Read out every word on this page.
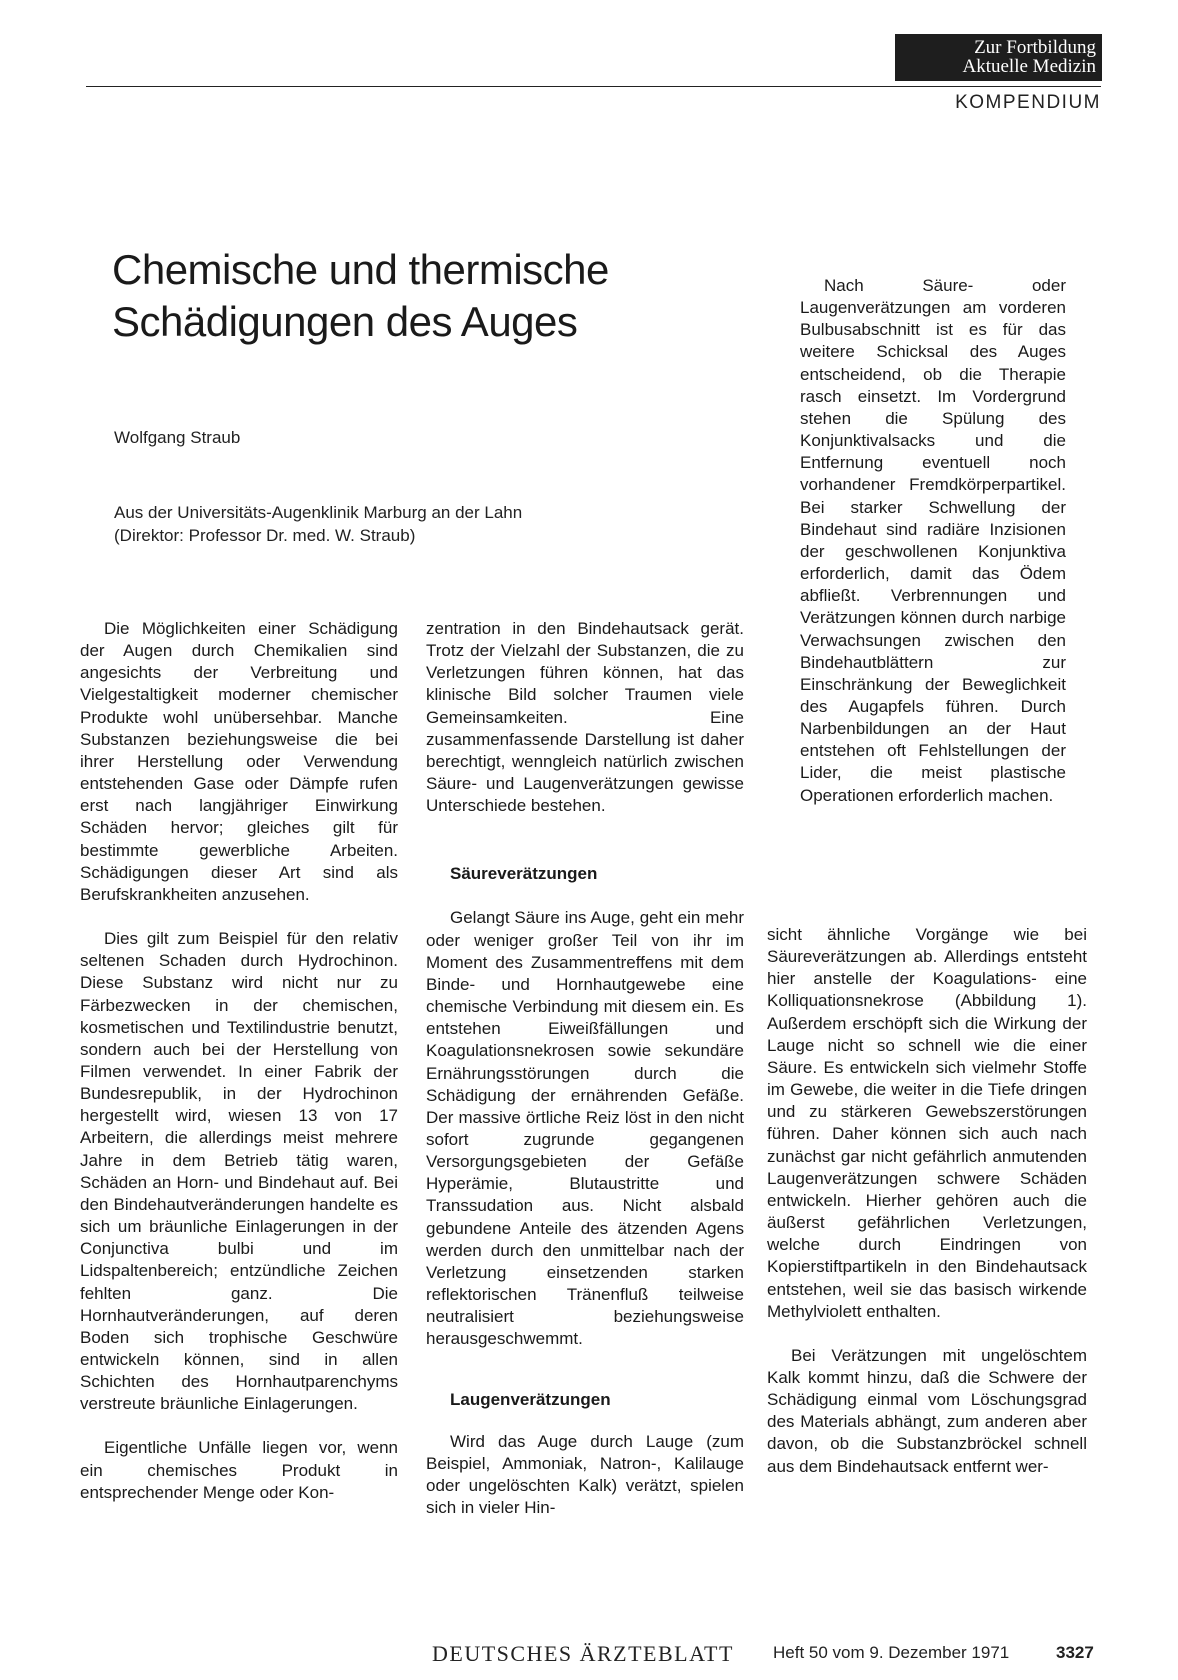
Zur Fortbildung
Aktuelle Medizin
KOMPENDIUM
Chemische und thermische
Schädigungen des Auges
Wolfgang Straub
Aus der Universitäts-Augenklinik Marburg an der Lahn
(Direktor: Professor Dr. med. W. Straub)

Nach Säure- oder Laugenverätzungen am vorderen Bulbusabschnitt ist es für das weitere Schicksal des Auges entscheidend, ob die Therapie rasch einsetzt. Im Vordergrund stehen die Spülung des Konjunktivalsacks und die Entfernung eventuell noch vorhandener Fremdkörperpartikel. Bei starker Schwellung der Bindehaut sind radiäre Inzisionen der geschwollenen Konjunktiva erforderlich, damit das Ödem abfließt. Verbrennungen und Verätzungen können durch narbige Verwachsungen zwischen den Bindehautblättern zur Einschränkung der Beweglichkeit des Augapfels führen. Durch Narbenbildungen an der Haut entstehen oft Fehlstellungen der Lider, die meist plastische Operationen erforderlich machen.

Die Möglichkeiten einer Schädigung der Augen durch Chemikalien sind angesichts der Verbreitung und Vielgestaltigkeit moderner chemischer Produkte wohl unübersehbar. Manche Substanzen beziehungsweise die bei ihrer Herstellung oder Verwendung entstehenden Gase oder Dämpfe rufen erst nach langjähriger Einwirkung Schäden hervor; gleiches gilt für bestimmte gewerbliche Arbeiten. Schädigungen dieser Art sind als Berufskrankheiten anzusehen.

Dies gilt zum Beispiel für den relativ seltenen Schaden durch Hydrochinon. Diese Substanz wird nicht nur zu Färbezwecken in der chemischen, kosmetischen und Textilindustrie benutzt, sondern auch bei der Herstellung von Filmen verwendet. In einer Fabrik der Bundesrepublik, in der Hydrochinon hergestellt wird, wiesen 13 von 17 Arbeitern, die allerdings meist mehrere Jahre in dem Betrieb tätig waren, Schäden an Horn- und Bindehaut auf. Bei den Bindehautveränderungen handelte es sich um bräunliche Einlagerungen in der Conjunctiva bulbi und im Lidspaltenbereich; entzündliche Zeichen fehlten ganz. Die Hornhautveränderungen, auf deren Boden sich trophische Geschwüre entwickeln können, sind in allen Schichten des Hornhautparenchyms verstreute bräunliche Einlagerungen.

Eigentliche Unfälle liegen vor, wenn ein chemisches Produkt in entsprechender Menge oder Kon-

zentration in den Bindehautsack gerät. Trotz der Vielzahl der Substanzen, die zu Verletzungen führen können, hat das klinische Bild solcher Traumen viele Gemeinsamkeiten. Eine zusammenfassende Darstellung ist daher berechtigt, wenngleich natürlich zwischen Säure- und Laugenverätzungen gewisse Unterschiede bestehen.

Säureverätzungen

Gelangt Säure ins Auge, geht ein mehr oder weniger großer Teil von ihr im Moment des Zusammentreffens mit dem Binde- und Hornhautgewebe eine chemische Verbindung mit diesem ein. Es entstehen Eiweißfällungen und Koagulationsnekrosen sowie sekundäre Ernährungsstörungen durch die Schädigung der ernährenden Gefäße. Der massive örtliche Reiz löst in den nicht sofort zugrunde gegangenen Versorgungsgebieten der Gefäße Hyperämie, Blutaustritte und Transsudation aus. Nicht alsbald gebundene Anteile des ätzenden Agens werden durch den unmittelbar nach der Verletzung einsetzenden starken reflektorischen Tränenfluß teilweise neutralisiert beziehungsweise herausgeschwemmt.

Laugenverätzungen

Wird das Auge durch Lauge (zum Beispiel, Ammoniak, Natron-, Kalilauge oder ungelöschten Kalk) verätzt, spielen sich in vieler Hin-

sicht ähnliche Vorgänge wie bei Säureverätzungen ab. Allerdings entsteht hier anstelle der Koagulations- eine Kolliquationsnekrose (Abbildung 1). Außerdem erschöpft sich die Wirkung der Lauge nicht so schnell wie die einer Säure. Es entwickeln sich vielmehr Stoffe im Gewebe, die weiter in die Tiefe dringen und zu stärkeren Gewebszerstörungen führen. Daher können sich auch nach zunächst gar nicht gefährlich anmutenden Laugenverätzungen schwere Schäden entwickeln. Hierher gehören auch die äußerst gefährlichen Verletzungen, welche durch Eindringen von Kopierstiftpartikeln in den Bindehautsack entstehen, weil sie das basisch wirkende Methylviolett enthalten.

Bei Verätzungen mit ungelöschtem Kalk kommt hinzu, daß die Schwere der Schädigung einmal vom Löschungsgrad des Materials abhängt, zum anderen aber davon, ob die Substanzbröckel schnell aus dem Bindehautsack entfernt wer-

DEUTSCHES ÄRZTEBLATT Heft 50 vom 9. Dezember 1971	3327
